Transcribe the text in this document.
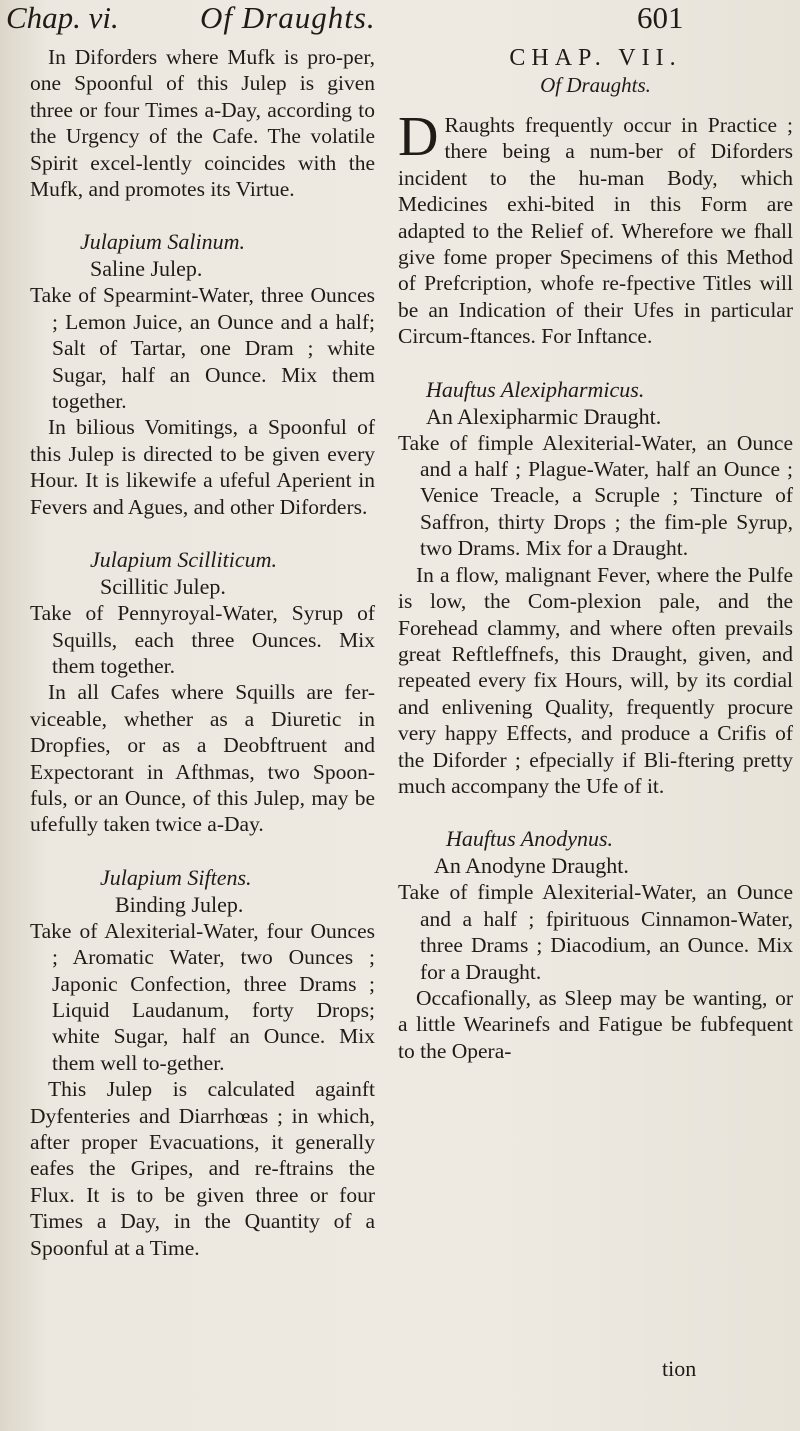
Chap. vi.	Of Draughts.	601

In Diforders where Mufk is pro-per, one Spoonful of this Julep is given three or four Times a-Day, according to the Urgency of the Cafe. The volatile Spirit excel-lently coincides with the Mufk, and promotes its Virtue.

Julapium Salinum.

Saline Julep.

Take of Spearmint-Water, three Ounces ; Lemon Juice, an Ounce and a half; Salt of Tartar, one Dram ; white Sugar, half an Ounce. Mix them together.

In bilious Vomitings, a Spoonful of this Julep is directed to be given every Hour. It is likewife a ufeful Aperient in Fevers and Agues, and other Diforders.

Julapium Scilliticum.

Scillitic Julep.

Take of Pennyroyal-Water, Syrup of Squills, each three Ounces. Mix them together.

In all Cafes where Squills are fer-viceable, whether as a Diuretic in Dropfies, or as a Deobftruent and Expectorant in Afthmas, two Spoon-fuls, or an Ounce, of this Julep, may be ufefully taken twice a-Day.

Julapium Siftens.

Binding Julep.

Take of Alexiterial-Water, four Ounces ; Aromatic Water, two Ounces ; Japonic Confection, three Drams ; Liquid Laudanum, forty Drops; white Sugar, half an Ounce. Mix them well to-gether.

This Julep is calculated againft Dyfenteries and Diarrhœas ; in which, after proper Evacuations, it generally eafes the Gripes, and re-ftrains the Flux. It is to be given three or four Times a Day, in the Quantity of a Spoonful at a Time.

CHAP. VII.

Of Draughts.

D Raughts frequently occur in Practice ; there being a num-ber of Diforders incident to the hu-man Body, which Medicines exhi-bited in this Form are adapted to the Relief of. Wherefore we fhall give fome proper Specimens of this Method of Prefcription, whofe re-fpective Titles will be an Indication of their Ufes in particular Circum-ftances. For Inftance.

Hauftus Alexipharmicus.

An Alexipharmic Draught.

Take of fimple Alexiterial-Water, an Ounce and a half ; Plague-Water, half an Ounce ; Venice Treacle, a Scruple ; Tincture of Saffron, thirty Drops ; the fim-ple Syrup, two Drams. Mix for a Draught.

In a flow, malignant Fever, where the Pulfe is low, the Com-plexion pale, and the Forehead clammy, and where often prevails great Reftleffnefs, this Draught, given, and repeated every fix Hours, will, by its cordial and enlivening Quality, frequently procure very happy Effects, and produce a Crifis of the Diforder ; efpecially if Bli-ftering pretty much accompany the Ufe of it.

Hauftus Anodynus.

An Anodyne Draught.

Take of fimple Alexiterial-Water, an Ounce and a half ; fpirituous Cinnamon-Water, three Drams ; Diacodium, an Ounce. Mix for a Draught.

Occafionally, as Sleep may be wanting, or a little Wearinefs and Fatigue be fubfequent to the Opera-

tion
